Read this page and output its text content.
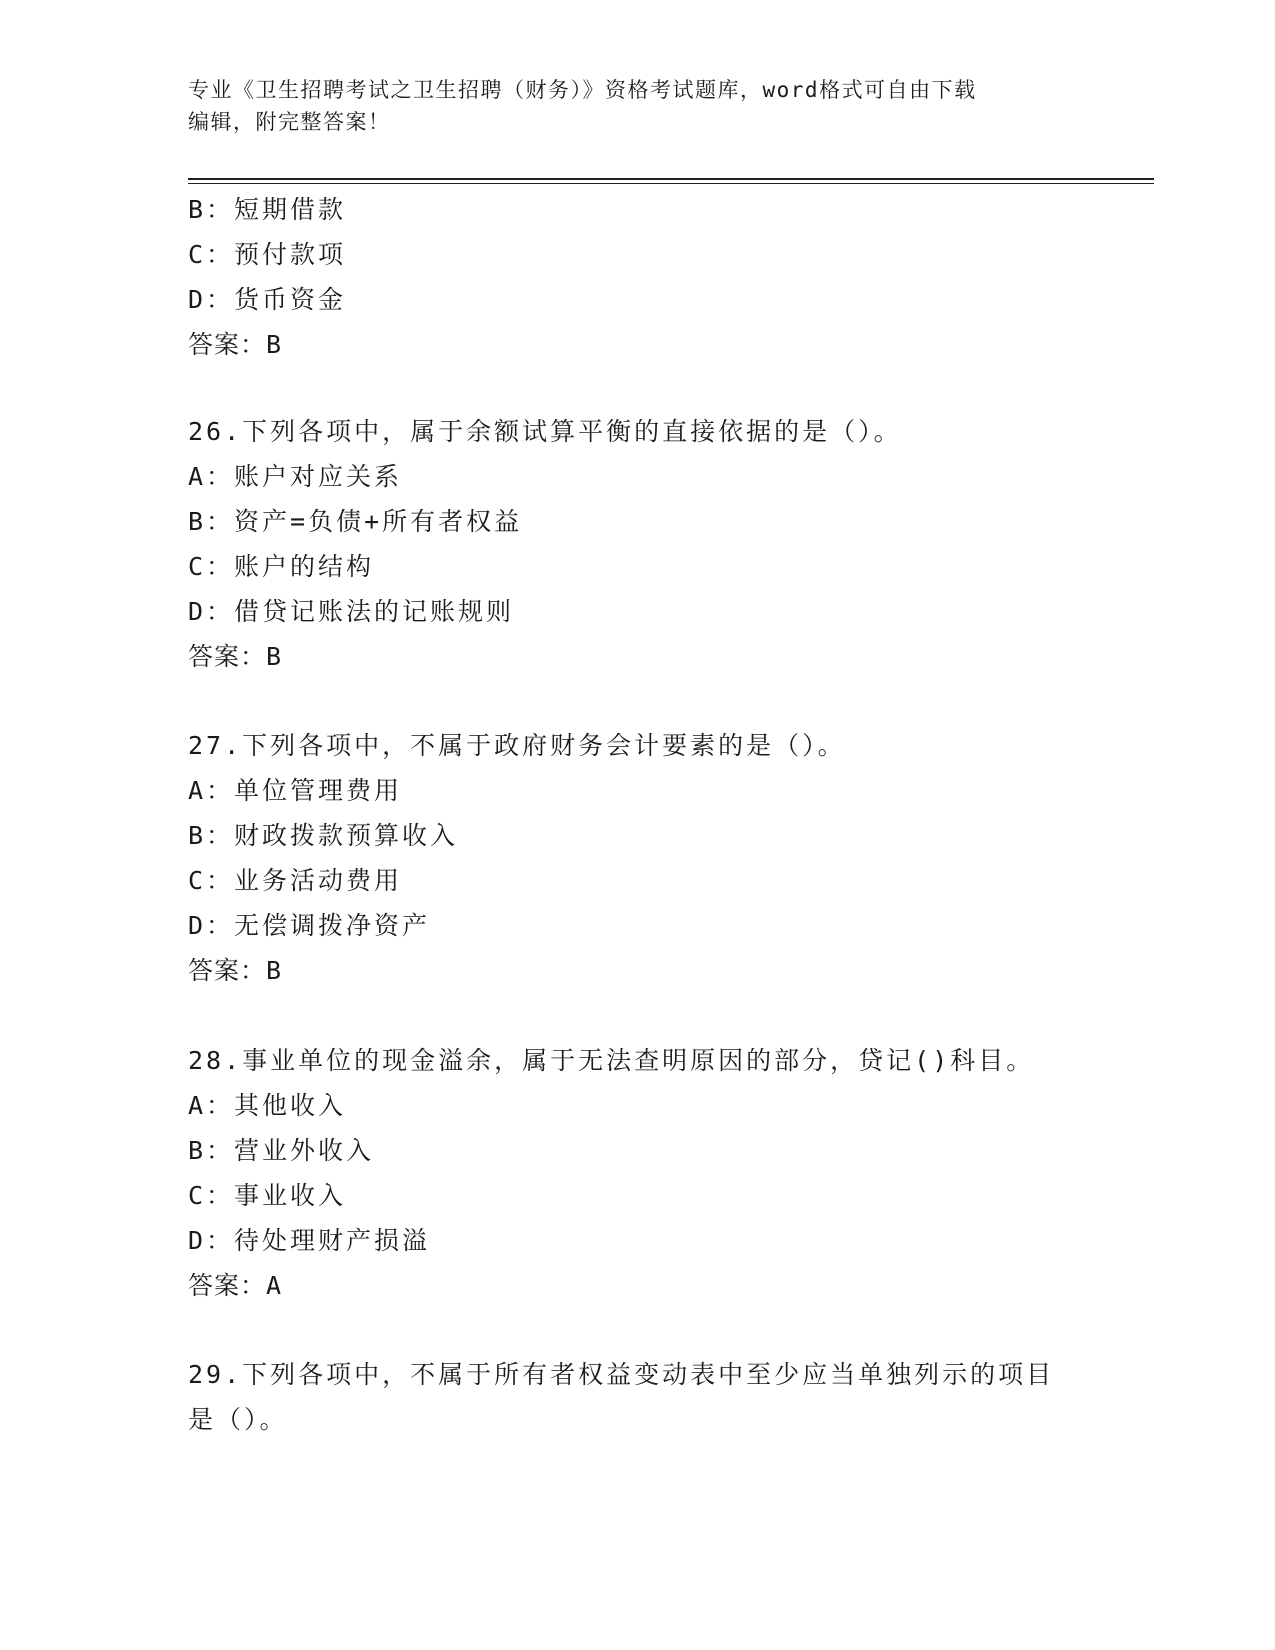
专业《卫生招聘考试之卫生招聘（财务）》资格考试题库，word格式可自由下载
编辑，附完整答案！
B：短期借款
C：预付款项
D：货币资金
答案：B
26.下列各项中，属于余额试算平衡的直接依据的是（）。
A：账户对应关系
B：资产=负债+所有者权益
C：账户的结构
D：借贷记账法的记账规则
答案：B
27.下列各项中，不属于政府财务会计要素的是（）。
A：单位管理费用
B：财政拨款预算收入
C：业务活动费用
D：无偿调拨净资产
答案：B
28.事业单位的现金溢余，属于无法查明原因的部分，贷记()科目。
A：其他收入
B：营业外收入
C：事业收入
D：待处理财产损溢
答案：A
29.下列各项中，不属于所有者权益变动表中至少应当单独列示的项目
是（）。
